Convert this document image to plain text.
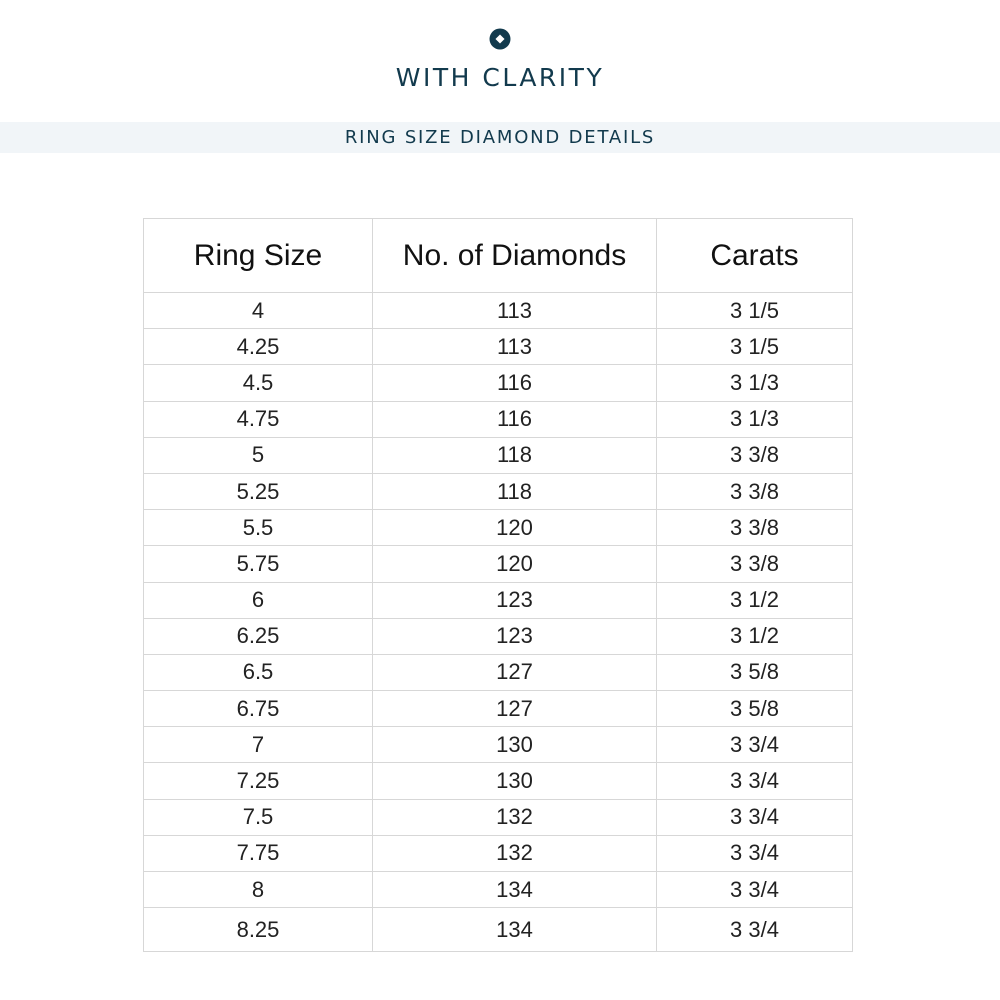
WITH CLARITY
RING SIZE DIAMOND DETAILS
Ring Size	No. of Diamonds	Carats
4	113	3 1/5
4.25	113	3 1/5
4.5	116	3 1/3
4.75	116	3 1/3
5	118	3 3/8
5.25	118	3 3/8
5.5	120	3 3/8
5.75	120	3 3/8
6	123	3 1/2
6.25	123	3 1/2
6.5	127	3 5/8
6.75	127	3 5/8
7	130	3 3/4
7.25	130	3 3/4
7.5	132	3 3/4
7.75	132	3 3/4
8	134	3 3/4
8.25	134	3 3/4
